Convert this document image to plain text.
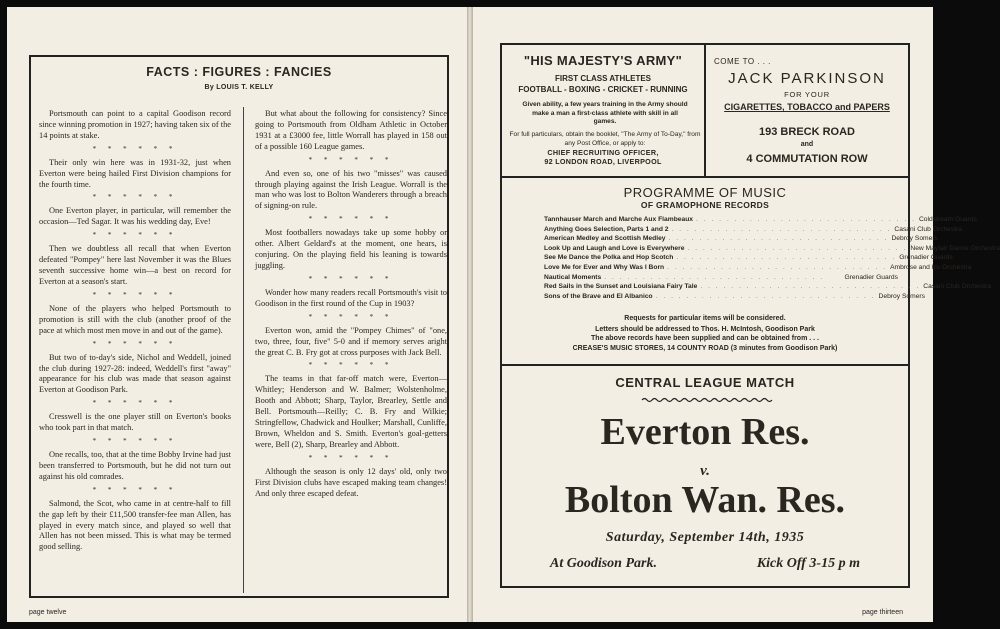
FACTS : FIGURES : FANCIES
By LOUIS T. KELLY

Portsmouth can point to a capital Goodison record since winning promotion in 1927; having taken six of the 14 points at stake.

* * * * * *

Their only win here was in 1931-32, just when Everton were being hailed First Division champions for the fourth time.

* * * * * *

One Everton player, in particular, will remember the occasion—Ted Sagar. It was his wedding day, Eve!

* * * * * *

Then we doubtless all recall that when Everton defeated "Pompey" here last November it was the Blues seventh successive home win—a best on record for Everton at a season's start.

* * * * * *

None of the players who helped Portsmouth to promotion is still with the club (another proof of the pace at which most men move in and out of the game).

* * * * * *

But two of to-day's side, Nichol and Weddell, joined the club during 1927-28: indeed, Weddell's first "away" appearance for his club was made that season against Everton at Goodison Park.

* * * * * *

Cresswell is the one player still on Everton's books who took part in that match.

* * * * * *

One recalls, too, that at the time Bobby Irvine had just been transferred to Portsmouth, but he did not turn out against his old comrades.

* * * * * *

Salmond, the Scot, who came in at centre-half to fill the gap left by their £11,500 transfer-fee man Allen, has played in every match since, and played so well that Allen has not been missed. This is what may be termed good selling.

But what about the following for consistency? Since going to Portsmouth from Oldham Athletic in October 1931 at a £3000 fee, little Worrall has played in 158 out of a possible 160 League games.

* * * * * *

And even so, one of his two "misses" was caused through playing against the Irish League. Worrall is the man who was lost to Bolton Wanderers through a breach of signing-on rule.

* * * * * *

Most footballers nowadays take up some hobby or other. Albert Geldard's at the moment, one hears, is conjuring. On the playing field his leaning is towards juggling.

* * * * * *

Wonder how many readers recall Portsmouth's visit to Goodison in the first round of the Cup in 1903?

* * * * * *

Everton won, amid the "Pompey Chimes" of "one, two, three, four, five" 5-0 and if memory serves aright the great C. B. Fry got at cross purposes with Jack Bell.

* * * * * *

The teams in that far-off match were, Everton—Whitley; Henderson and W. Balmer; Wolstenholme, Booth and Abbott; Sharp, Taylor, Brearley, Settle and Bell. Portsmouth—Reilly; C. B. Fry and Wilkie; Stringfellow, Chadwick and Houlker; Marshall, Cunliffe, Brown, Wheldon and S. Smith. Everton's goal-getters were, Bell (2), Sharp, Brearley and Abbott.

* * * * * *

Although the season is only 12 days' old, only two First Division clubs have escaped making team changes! And only three escaped defeat.

page twelve
"HIS MAJESTY'S ARMY"
FIRST CLASS ATHLETES
FOOTBALL - BOXING - CRICKET - RUNNING
Given ability, a few years training in the Army should make a man a first-class athlete with skill in all games.
For full particulars, obtain the booklet, "The Army of To-Day," from any Post Office, or apply to:
CHIEF RECRUITING OFFICER,
92 LONDON ROAD, LIVERPOOL
COME TO . . .
JACK PARKINSON
FOR YOUR
CIGARETTES, TOBACCO and PAPERS
193 BRECK ROAD
and
4 COMMUTATION ROW
PROGRAMME OF MUSIC
OF GRAMOPHONE RECORDS
Tannhauser March and Marche Aux Flambeaux . . . . . . . . . . . . . . . . . . . . . . . . . . . . . Coldstream Guards
Anything Goes Selection, Parts 1 and 2 . . . . . . . . . . . . . . . . . . . . . . . . . . . . . Casani Club Orchestra
American Medley and Scottish Medley . . . . . . . . . . . . . . . . . . . . . . . . . . . . . Debroy Somers
Look Up and Laugh and Love is Everywhere . . . . . . . . . . . . . . . . . . . . . . . . . . . . . New Mayfair Dance Orchestra
See Me Dance the Polka and Hop Scotch . . . . . . . . . . . . . . . . . . . . . . . . . . . . . Grenadier Guards
Love Me for Ever and Why Was I Born . . . . . . . . . . . . . . . . . . . . . . . . . . . . . Ambrose and his Orchestra
Nautical Moments . . . . . . . . . . . . . . . . . . . . . . . . . . . . .	Grenadier Guards
Red Sails in the Sunset and Louisiana Fairy Tale . . . . . . . . . . . . . . . . . . . . . . . . . . . . . Casani Club Orchestra
Sons of the Brave and El Albanico . . . . . . . . . . . . . . . . . . . . . . . . . . . . . Debroy Somers
Requests for particular items will be considered.
Letters should be addressed to Thos. H. McIntosh, Goodison Park
The above records have been supplied and can be obtained from . . .
CREASE'S MUSIC STORES, 14 COUNTY ROAD (3 minutes from Goodison Park)
CENTRAL LEAGUE MATCH
Everton Res.
v.
Bolton Wan. Res.
Saturday, September 14th, 1935
At Goodison Park.	Kick Off 3-15 p m
page thirteen
